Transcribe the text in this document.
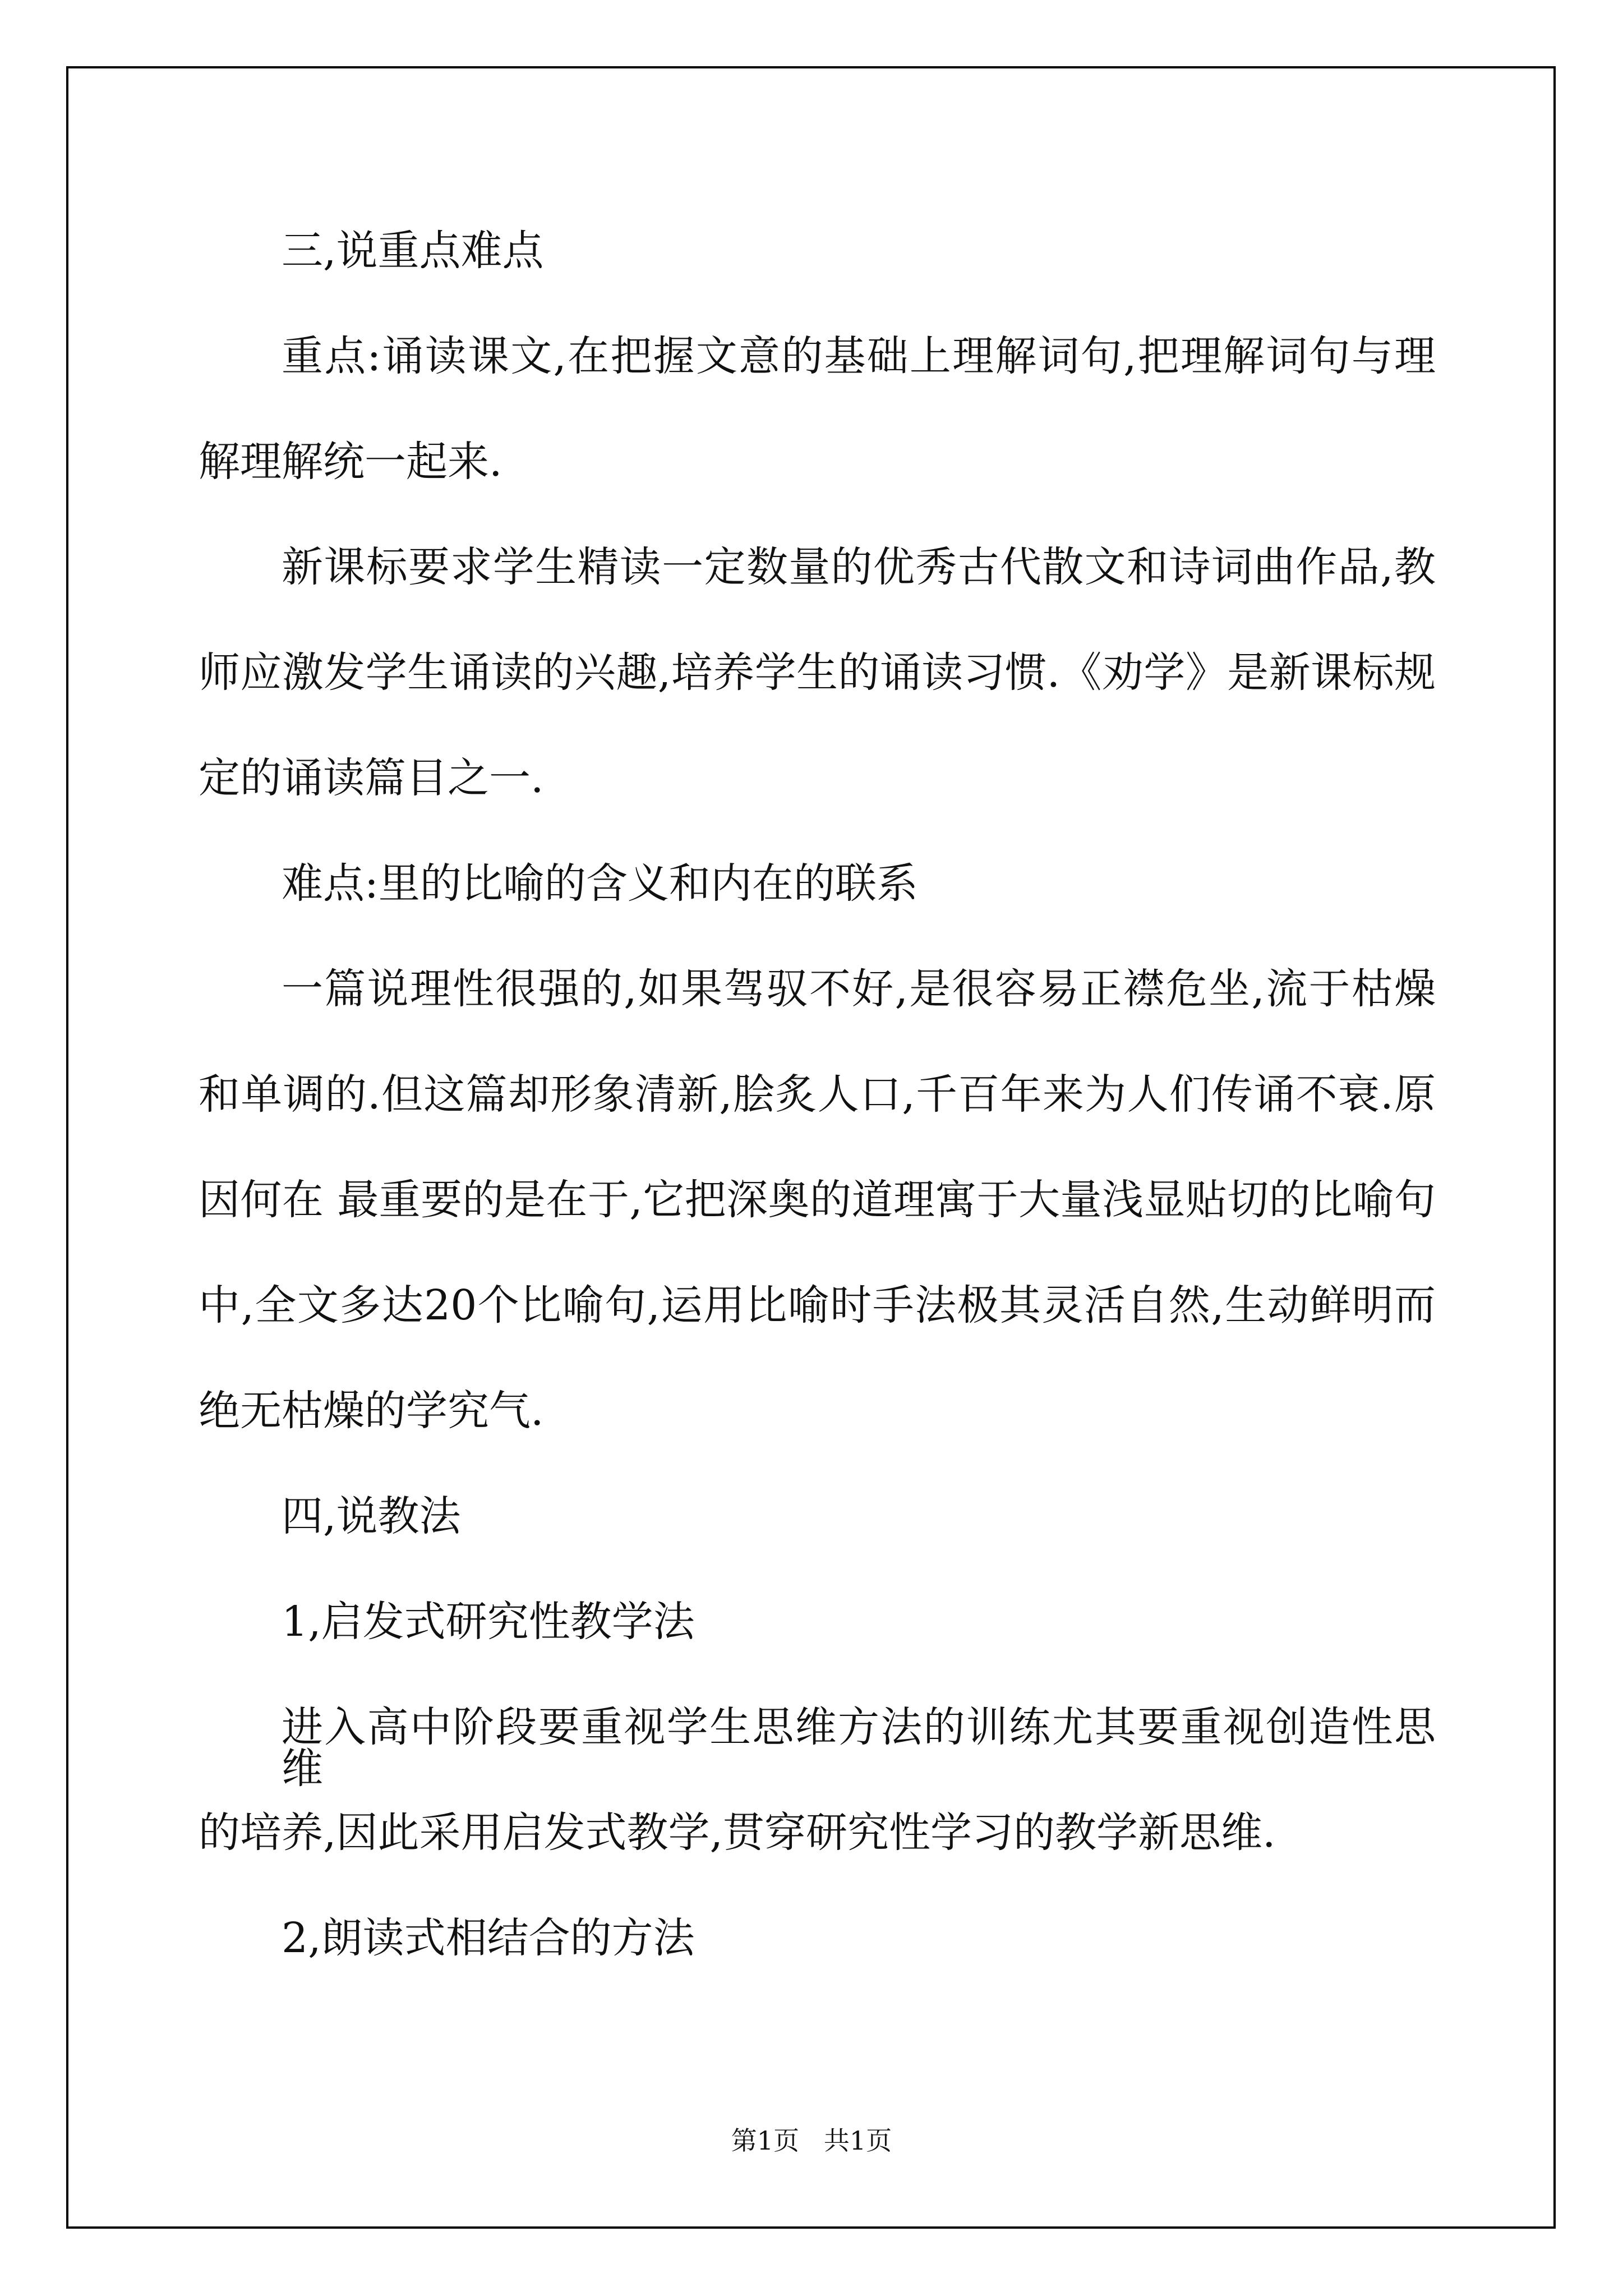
三,说重点难点
重点:诵读课文,在把握文意的基础上理解词句,把理解词句与理
解理解统一起来.
新课标要求学生精读一定数量的优秀古代散文和诗词曲作品,教
师应激发学生诵读的兴趣,培养学生的诵读习惯.《劝学》是新课标规
定的诵读篇目之一.
难点:里的比喻的含义和内在的联系
一篇说理性很强的,如果驾驭不好,是很容易正襟危坐,流于枯燥
和单调的.但这篇却形象清新,脍炙人口,千百年来为人们传诵不衰.原
因何在 最重要的是在于,它把深奥的道理寓于大量浅显贴切的比喻句
中,全文多达20个比喻句,运用比喻时手法极其灵活自然,生动鲜明而
绝无枯燥的学究气.
四,说教法
1,启发式研究性教学法
进入高中阶段要重视学生思维方法的训练尤其要重视创造性思维
的培养,因此采用启发式教学,贯穿研究性学习的教学新思维.
2,朗读式相结合的方法
第1页   共1页
